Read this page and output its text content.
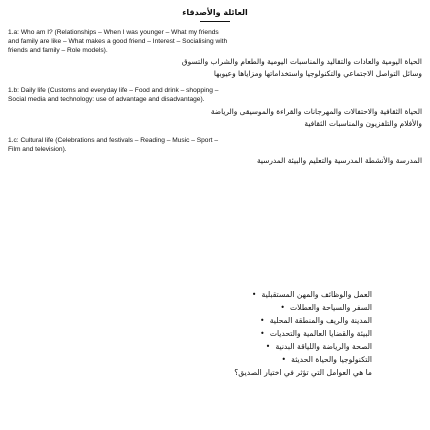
العائلة والأصدقاء
1.a: Who am I? (Relationships – When I was younger – What my friends
and family are like – What makes a good friend – Interest – Socialising with
friends and family – Role models).
الحياة اليومية والعادات والتقاليد والمناسبات اليومية والطعام والشراب والتسوق
وسائل التواصل الاجتماعي والتكنولوجيا واستخداماتها ومزاياها وعيوبها
1.b: Daily life (Customs and everyday life – Food and drink – shopping –
Social media and technology: use of advantage and disadvantage).
الحياة الثقافية والاحتفالات والمهرجانات والقراءة والموسيقى والرياضة
والأفلام والتلفزيون والمناسبات الثقافية
1.c: Cultural life (Celebrations and festivals – Reading – Music – Sport –
Film and television).
المدرسة والأنشطة المدرسية والتعليم والبيئة المدرسية
العمل والوظائف والمهن المستقبلية •
السفر والسياحة والعطلات •
المدينة والريف والمنطقة المحلية •
البيئة والقضايا العالمية والتحديات •
الصحة والرياضة واللياقة البدنية •
التكنولوجيا والحياة الحديثة •
ما هي العوامل التي تؤثر في اختيار الصديق؟
